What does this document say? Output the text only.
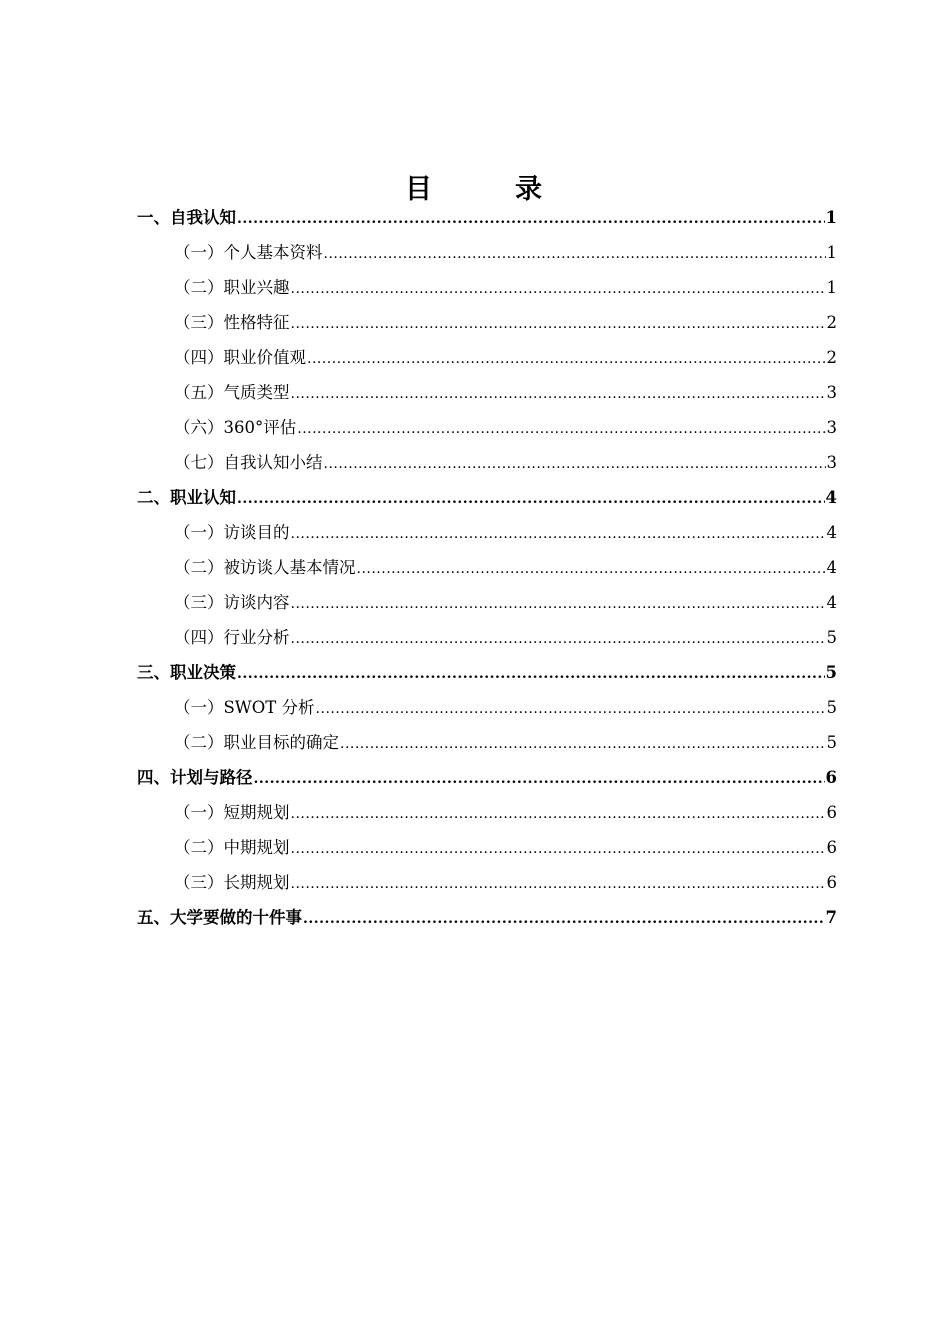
目　录
一、自我认知 .....	1
（一）个人基本资料 .....	1
（二）职业兴趣 .....	1
（三）性格特征 .....	2
（四）职业价值观 .....	2
（五）气质类型 .....	3
（六）360°评估 .....	3
（七）自我认知小结 .....	3
二、职业认知 .....	4
（一）访谈目的 .....	4
（二）被访谈人基本情况 .....	4
（三）访谈内容 .....	4
（四）行业分析 .....	5
三、职业决策 .....	5
（一）SWOT 分析 .....	5
（二）职业目标的确定 .....	5
四、计划与路径 .....	6
（一）短期规划 .....	6
（二）中期规划 .....	6
（三）长期规划 .....	6
五、大学要做的十件事 .....	7
